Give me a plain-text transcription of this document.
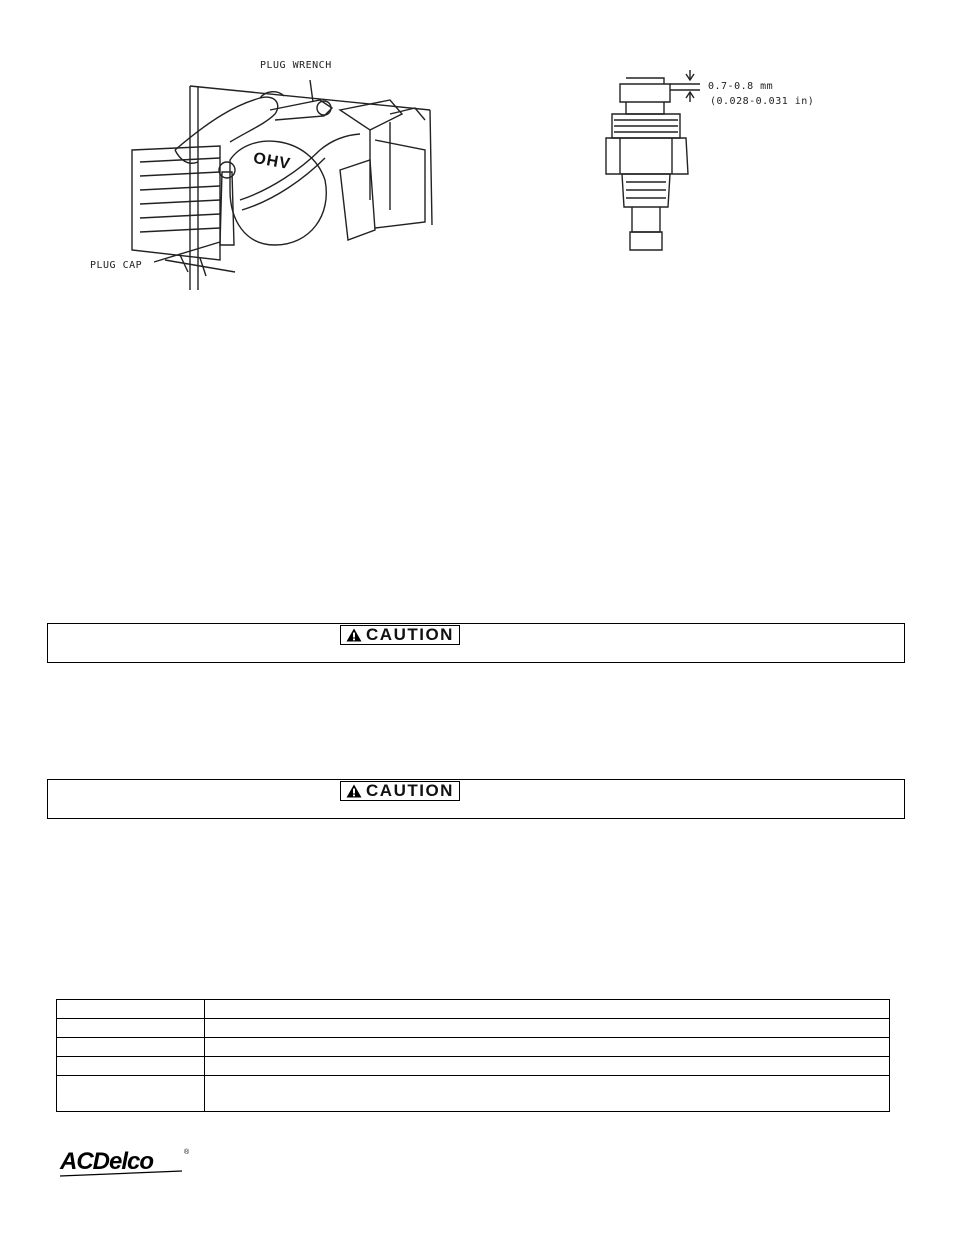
PLUG WRENCH
PLUG CAP
OHV
0.7-0.8 mm
(0.028-0.031 in)
CAUTION
CAUTION

ACDelco	®
